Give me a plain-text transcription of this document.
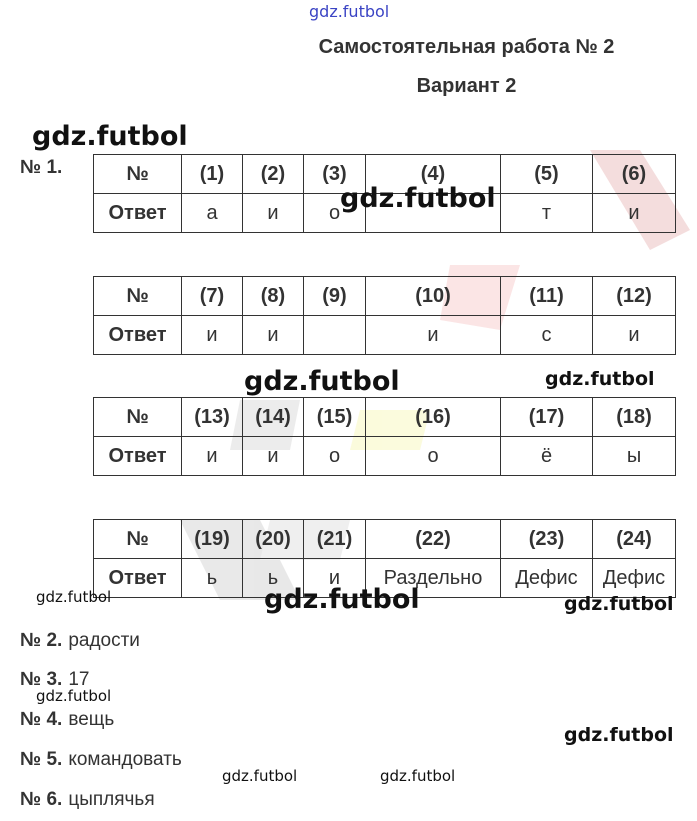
gdz.futbol
gdz.futbol
gdz.futbol
gdz.futbol	gdz.futbol
gdz.futbol	gdz.futbol	gdz.futbol
gdz.futbol
gdz.futbol
gdz.futbol	gdz.futbol
Самостоятельная работа № 2
Вариант 2
№ 1.	№	(1)	(2)	(3)	(4)	(5)	(6)
Ответ	а	и	о		т	и
№	(7)	(8)	(9)	(10)	(11)	(12)
Ответ	и	и		и	с	и
№	(13)	(14)	(15)	(16)	(17)	(18)
Ответ	и	и	о	о	ё	ы
№	(19)	(20)	(21)	(22)	(23)	(24)
Ответ	ь	ь	и	Раздельно	Дефис	Дефис
№ 2. радости
№ 3. 17
№ 4. вещь
№ 5. командовать
№ 6. цыплячья
